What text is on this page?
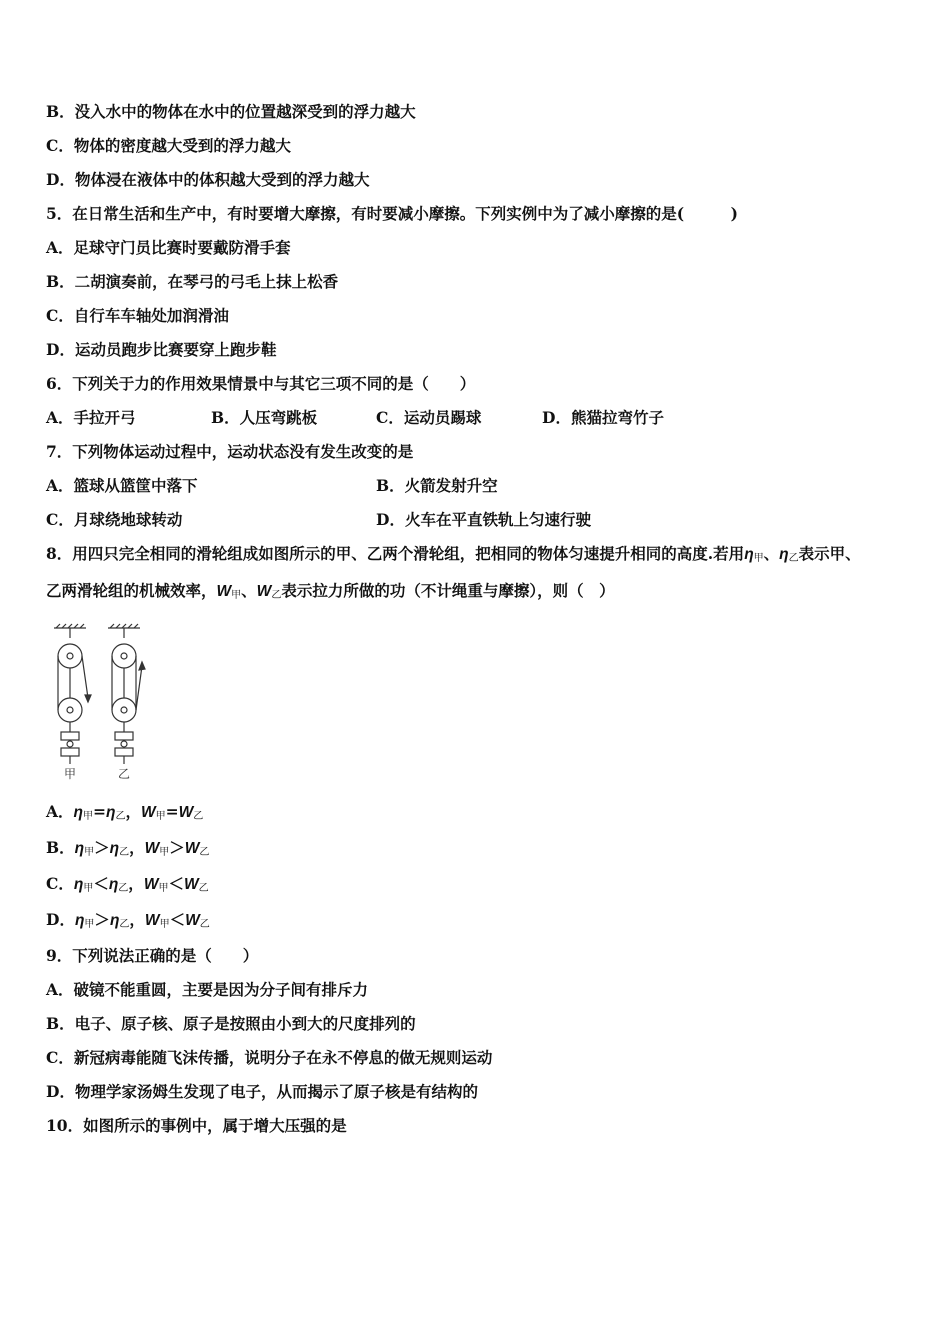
B．没入水中的物体在水中的位置越深受到的浮力越大
C．物体的密度越大受到的浮力越大
D．物体浸在液体中的体积越大受到的浮力越大
5．在日常生活和生产中，有时要增大摩擦，有时要减小摩擦。下列实例中为了减小摩擦的是(　　　)
A．足球守门员比赛时要戴防滑手套
B．二胡演奏前，在琴弓的弓毛上抹上松香
C．自行车车轴处加润滑油
D．运动员跑步比赛要穿上跑步鞋
6．下列关于力的作用效果情景中与其它三项不同的是（　　）
A．手拉开弓	B．人压弯跳板	C．运动员踢球	D．熊猫拉弯竹子
7．下列物体运动过程中，运动状态没有发生改变的是
A．篮球从篮筐中落下	B．火箭发射升空
C．月球绕地球转动	D．火车在平直铁轨上匀速行驶
8．用四只完全相同的滑轮组成如图所示的甲、乙两个滑轮组，把相同的物体匀速提升相同的高度.若用$\eta_甲$、$\eta_乙$表示甲、
乙两滑轮组的机械效率，$W_甲$、$W_乙$表示拉力所做的功（不计绳重与摩擦），则（　）
甲	乙
A．$\eta_甲=\eta_乙$，$W_甲=W_乙$
B．$\eta_甲>\eta_乙$，$W_甲>W_乙$
C．$\eta_甲<\eta_乙$，$W_甲<W_乙$
D．$\eta_甲>\eta_乙$，$W_甲<W_乙$
9．下列说法正确的是（　　）
A．破镜不能重圆，主要是因为分子间有排斥力
B．电子、原子核、原子是按照由小到大的尺度排列的
C．新冠病毒能随飞沫传播，说明分子在永不停息的做无规则运动
D．物理学家汤姆生发现了电子，从而揭示了原子核是有结构的
10．如图所示的事例中，属于增大压强的是
